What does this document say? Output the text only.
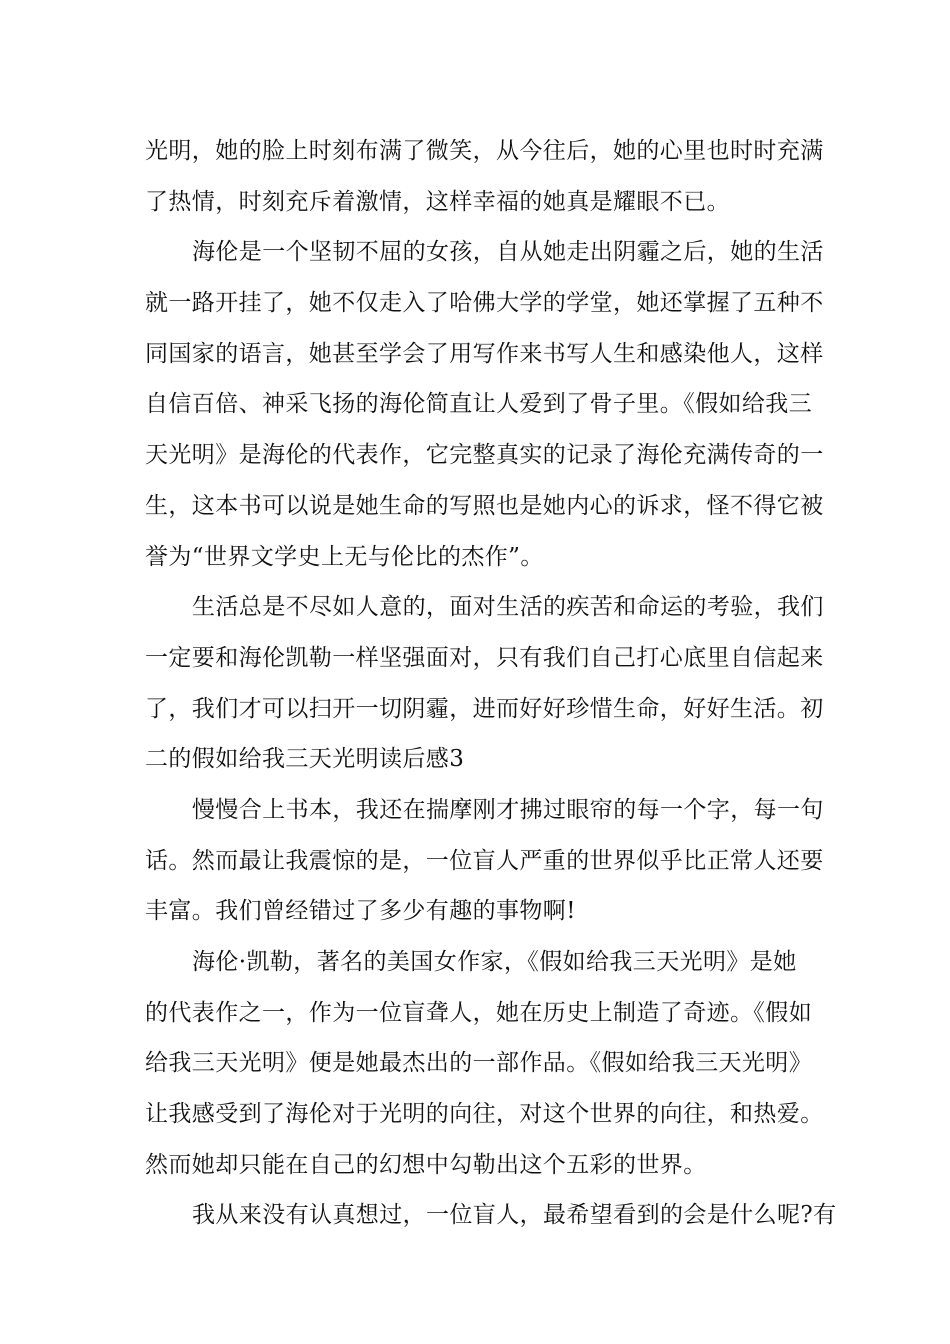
光明，她的脸上时刻布满了微笑，从今往后，她的心里也时时充满
了热情，时刻充斥着激情，这样幸福的她真是耀眼不已。
海伦是一个坚韧不屈的女孩，自从她走出阴霾之后，她的生活
就一路开挂了，她不仅走入了哈佛大学的学堂，她还掌握了五种不
同国家的语言，她甚至学会了用写作来书写人生和感染他人，这样
自信百倍、神采飞扬的海伦简直让人爱到了骨子里。《假如给我三
天光明》是海伦的代表作，它完整真实的记录了海伦充满传奇的一
生，这本书可以说是她生命的写照也是她内心的诉求，怪不得它被
誉为“世界文学史上无与伦比的杰作”。
生活总是不尽如人意的，面对生活的疾苦和命运的考验，我们
一定要和海伦凯勒一样坚强面对，只有我们自己打心底里自信起来
了，我们才可以扫开一切阴霾，进而好好珍惜生命，好好生活。初
二的假如给我三天光明读后感3
慢慢合上书本，我还在揣摩刚才拂过眼帘的每一个字，每一句
话。然而最让我震惊的是，一位盲人严重的世界似乎比正常人还要
丰富。我们曾经错过了多少有趣的事物啊!
海伦·凯勒，著名的美国女作家，《假如给我三天光明》是她
的代表作之一，作为一位盲聋人，她在历史上制造了奇迹。《假如
给我三天光明》便是她最杰出的一部作品。《假如给我三天光明》
让我感受到了海伦对于光明的向往，对这个世界的向往，和热爱。
然而她却只能在自己的幻想中勾勒出这个五彩的世界。
我从来没有认真想过，一位盲人，最希望看到的会是什么呢?有
